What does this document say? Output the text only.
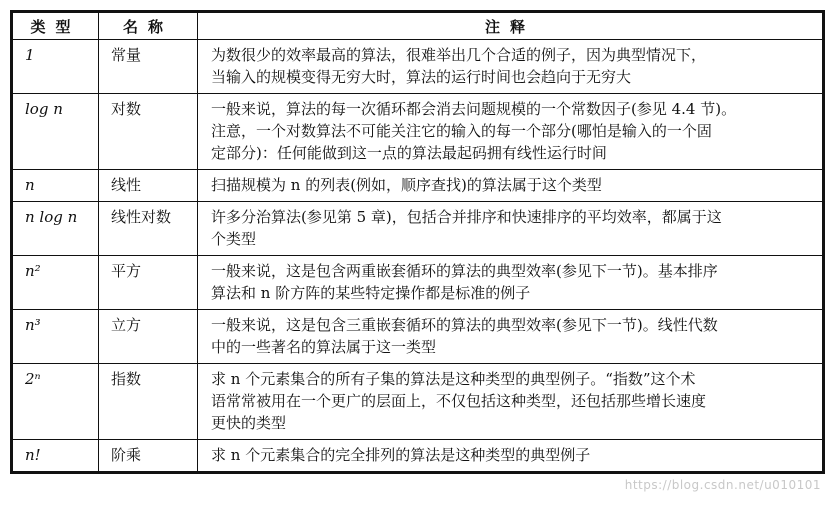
类型	名称	注释
1	常量	为数很少的效率最高的算法，很难举出几个合适的例子，因为典型情况下，
当输入的规模变得无穷大时，算法的运行时间也会趋向于无穷大

log n	对数	一般来说，算法的每一次循环都会消去问题规模的一个常数因子(参见 4.4 节)。
注意，一个对数算法不可能关注它的输入的每一个部分(哪怕是输入的一个固
定部分)：任何能做到这一点的算法最起码拥有线性运行时间

n	线性	扫描规模为 n 的列表(例如，顺序查找)的算法属于这个类型

n log n	线性对数	许多分治算法(参见第 5 章)，包括合并排序和快速排序的平均效率，都属于这
个类型

n²	平方	一般来说，这是包含两重嵌套循环的算法的典型效率(参见下一节)。基本排序
算法和 n 阶方阵的某些特定操作都是标准的例子

n³	立方	一般来说，这是包含三重嵌套循环的算法的典型效率(参见下一节)。线性代数
中的一些著名的算法属于这一类型

2ⁿ	指数	求 n 个元素集合的所有子集的算法是这种类型的典型例子。“指数”这个术
语常常被用在一个更广的层面上，不仅包括这种类型，还包括那些增长速度
更快的类型

n!	阶乘	求 n 个元素集合的完全排列的算法是这种类型的典型例子
https://blog.csdn.net/u010101
